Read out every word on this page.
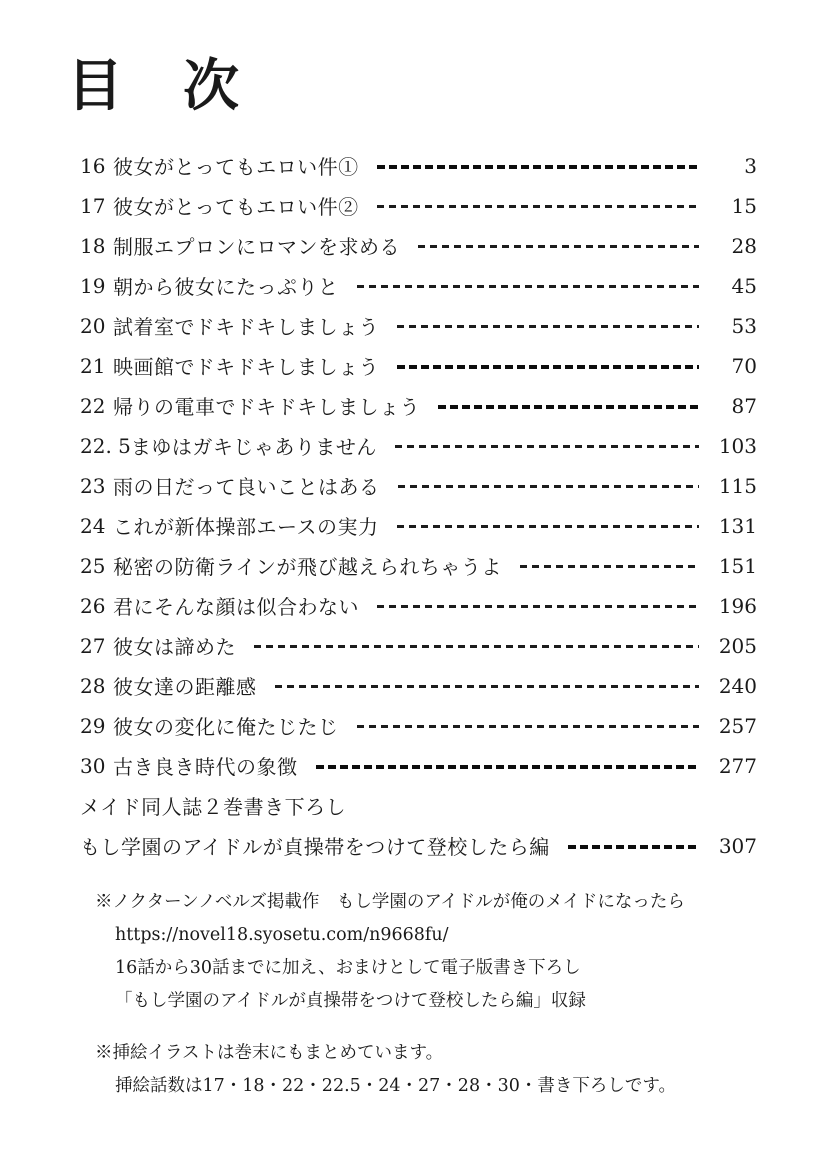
目　次
16 彼女がとってもエロい件①	3
17 彼女がとってもエロい件②	15
18 制服エプロンにロマンを求める	28
19 朝から彼女にたっぷりと	45
20 試着室でドキドキしましょう	53
21 映画館でドキドキしましょう	70
22 帰りの電車でドキドキしましょう	87
22. 5 まゆはガキじゃありません	103
23 雨の日だって良いことはある	115
24 これが新体操部エースの実力	131
25 秘密の防衛ラインが飛び越えられちゃうよ	151
26 君にそんな顔は似合わない	196
27 彼女は諦めた	205
28 彼女達の距離感	240
29 彼女の変化に俺たじたじ	257
30 古き良き時代の象徴	277
メイド同人誌２巻書き下ろし
もし学園のアイドルが貞操帯をつけて登校したら編	307
※ノクターンノベルズ掲載作　もし学園のアイドルが俺のメイドになったら
https://novel18.syosetu.com/n9668fu/
16話から30話までに加え、おまけとして電子版書き下ろし
「もし学園のアイドルが貞操帯をつけて登校したら編」収録
※挿絵イラストは巻末にもまとめています。
挿絵話数は17・18・22・22.5・24・27・28・30・書き下ろしです。
